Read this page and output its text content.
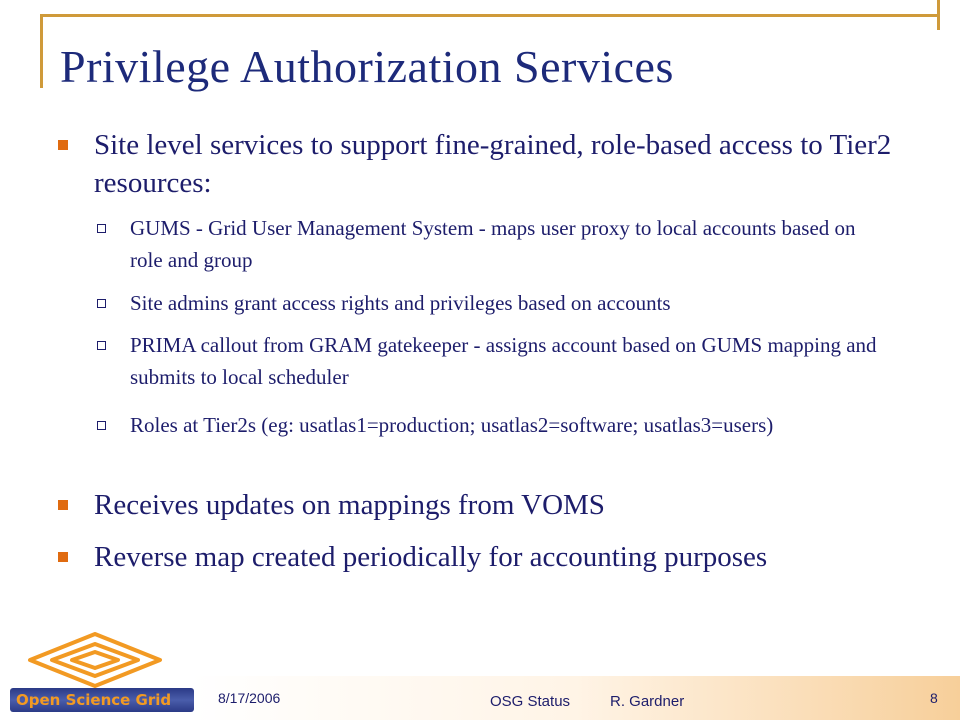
Privilege Authorization Services
Site level services to support fine-grained, role-based access to Tier2 resources:
GUMS - Grid User Management System - maps user proxy to local accounts based on role and group
Site admins grant access rights and privileges based on accounts
PRIMA callout from GRAM gatekeeper - assigns account based on GUMS mapping and submits to local scheduler
Roles at Tier2s (eg: usatlas1=production; usatlas2=software; usatlas3=users)
Receives updates on mappings from VOMS
Reverse map created periodically for accounting purposes
Open Science Grid	8/17/2006	OSG Status	R. Gardner	8
